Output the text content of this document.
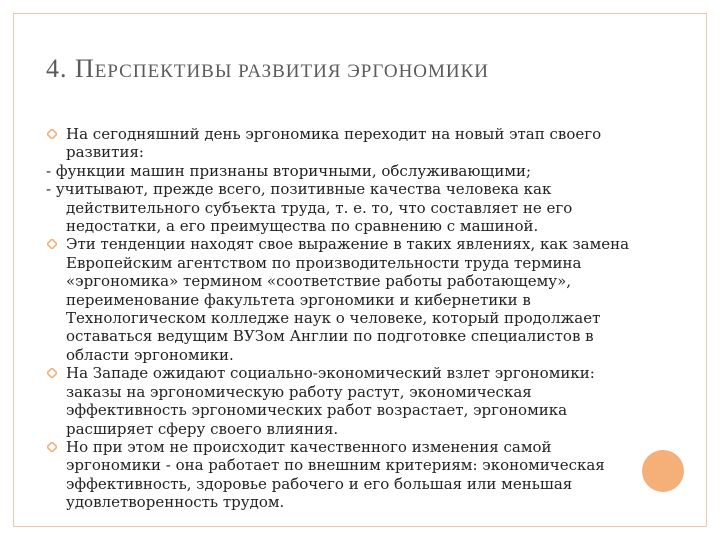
4. ПЕРСПЕКТИВЫ РАЗВИТИЯ ЭРГОНОМИКИ
На сегодняшний день эргономика переходит на новый этап своего развития:
- функции машин признаны вторичными, обслуживающими;
- учитывают, прежде всего, позитивные качества человека как действительного субъекта труда, т. е. то, что составляет не его недостатки, а его преимущества по сравнению с машиной.
Эти тенденции находят свое выражение в таких явлениях, как замена Европейским агентством по производительности труда термина «эргономика» термином «соответствие работы работающему», переименование факультета эргономики и кибернетики в Технологическом колледже наук о человеке, который продолжает оставаться ведущим ВУЗом Англии по подготовке специалистов в области эргономики.
На Западе ожидают социально-экономический взлет эргономики: заказы на эргономическую работу растут, экономическая эффективность эргономических работ возрастает, эргономика расширяет сферу своего влияния.
Но при этом не происходит качественного изменения самой эргономики - она работает по внешним критериям: экономическая эффективность, здоровье рабочего и его большая или меньшая удовлетворенность трудом.
